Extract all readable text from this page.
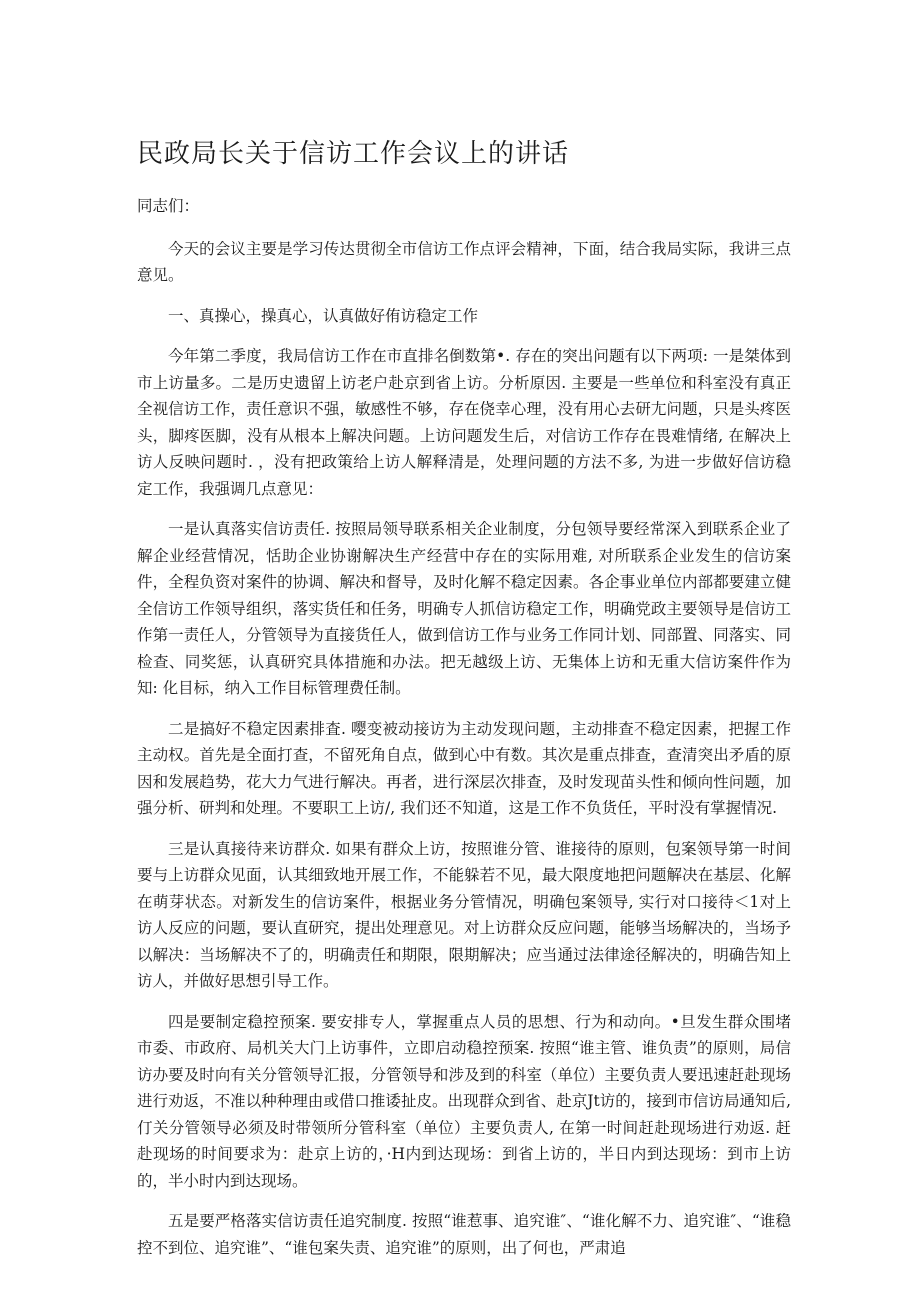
民政局长关于信访工作会议上的讲话

同志们：

今天的会议主要是学习传达贯彻全市信访工作点评会精神，下面，结合我局实际，我讲三点意见。

一、真操心，操真心，认真做好侑访稳定工作

今年第二季度，我局信访工作在市直排名倒数第•. 存在的突出问题有以下两项: 一是桀体到市上访量多。二是历史遗留上访老户赴京到省上访。分析原因. 主要是一些单位和科室没有真正全视信访工作，责任意识不强，敏感性不够，存在侥幸心理，没有用心去研尢问题，只是头疼医头，脚疼医脚，没有从根本上解决问题。上访问题发生后，对信访工作存在畏难情绪, 在解决上访人反映问题时. ，没有把政策给上访人解释清是，处理问题的方法不多, 为进一步做好信访稳定工作，我强调几点意见：

一是认真落实信访责任. 按照局领导联系相关企业制度，分包领导要经常深入到联系企业了解企业经营情况，恬助企业协谢解决生产经营中存在的实际用难, 对所联系企业发生的信访案件，全程负资对案件的协调、解决和督导，及时化解不稳定因素。各企事业单位内部都要建立健全信访工作领导组织，落实货任和任务，明确专人抓信访稳定工作，明确党政主要领导是信访工作第一责任人，分管领导为直接货任人，做到信访工作与业务工作同计划、同部置、同落实、同检查、同奖惩，认真研究具体措施和办法。把无越级上访、无集体上访和无重大信访案件作为知: 化目标，纳入工作目标管理费任制。

二是搞好不稳定因素排査. 嘤变被动接访为主动发现问题，主动排查不稳定因素，把握工作主动权。首先是全面打查，不留死角自点，做到心中有数。其次是重点排查，查清突出矛盾的原因和发展趋势，花大力气进行解决。再者，进行深层次排查，及时发现苗头性和倾向性问题，加强分析、研判和处理。不要职工上访/, 我们还不知道，这是工作不负货任，平时没有掌握情况.

三是认真接待来访群众. 如果有群众上访，按照谁分管、谁接待的原则，包案领导第一时间要与上访群众见面，认其细致地开展工作，不能躲若不见，最大限度地把问题解决在基层、化解在萌芽状态。对新发生的信访案件，根据业务分管情况，明确包案领导, 实行对口接待＜1对上访人反应的问题，要认直研究，提出处理意见。对上访群众反应问题，能够当场解决的，当场予以解决：当场解决不了的，明确责任和期限，限期解决；应当通过法律途径解决的，明确告知上访人，并做好思想引导工作。

四是要制定稳控预案. 要安排专人，掌握重点人员的思想、行为和动向。•旦发生群众围堵市委、市政府、局机关大门上访事件，立即启动稳控预案. 按照“谁主管、谁负责”的原则，局信访办要及时向有关分管领导汇报，分管领导和涉及到的科室（单位）主要负责人要迅速赶赴现场进行劝返，不准以种种理由或借口推诿扯皮。出现群众到省、赴京Jt访的，接到市信访局通知后, 仃关分管领导必须及时带领所分管科室（单位）主要负责人, 在第一时间赶赴现场进行劝返. 赶赴现场的时间要求为：赴京上访的，·H内到达现场：到省上访的，半日内到达现场：到市上访的，半小时内到达现场。

五是要严格落实信访责任追究制度. 按照“谁惹事、追究谁″、“谁化解不力、追究谁″、“谁稳控不到位、追究谁”、“谁包案失责、追究谁”的原则，出了何也，严肃追
